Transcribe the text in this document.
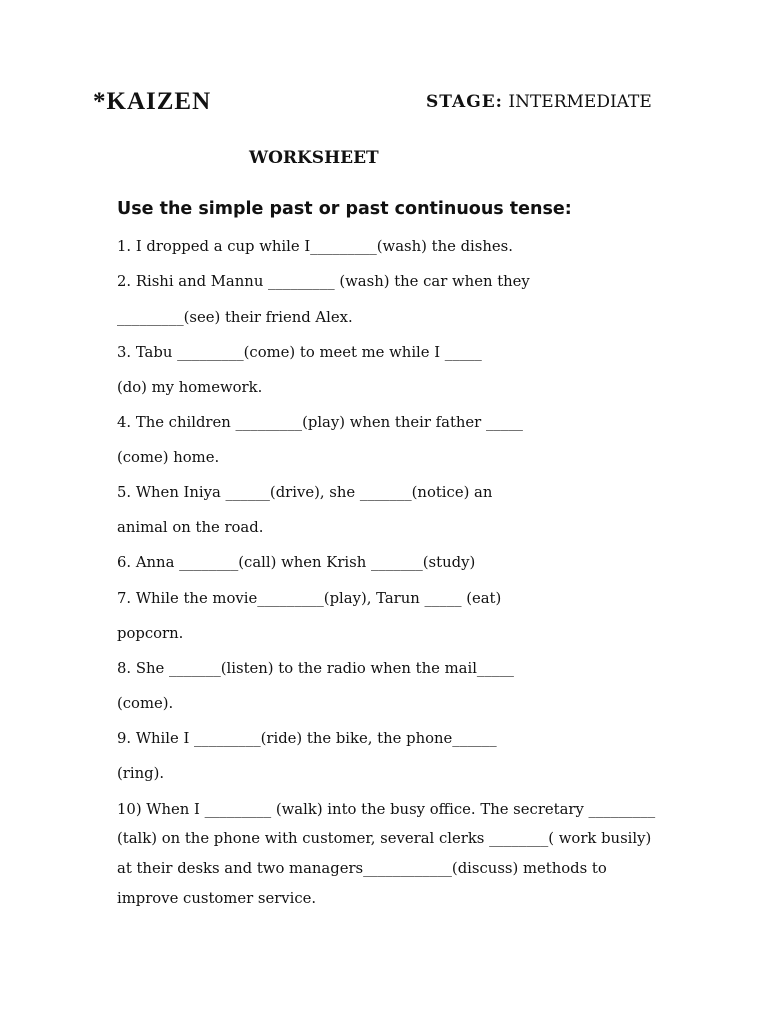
*KAIZEN	STAGE: INTERMEDIATE
WORKSHEET
Use the simple past or past continuous tense:
1. I dropped a cup while I_________(wash) the dishes.
2. Rishi and Mannu _________ (wash) the car when they
_________(see) their friend Alex.
3. Tabu _________(come) to meet me while I _____
(do) my homework.
4. The children _________(play) when their father _____
(come) home.
5. When Iniya ______(drive), she _______(notice) an
animal on the road.
6. Anna ________(call) when Krish _______(study)
7. While the movie_________(play), Tarun _____ (eat)
popcorn.
8. She _______(listen) to the radio when the mail_____
(come).
9. While I _________(ride) the bike, the phone______
(ring).
10) When I _________ (walk) into the busy office. The secretary _________
(talk) on the phone with customer, several clerks ________( work busily)
at their desks and two managers____________(discuss) methods to
improve customer service.
